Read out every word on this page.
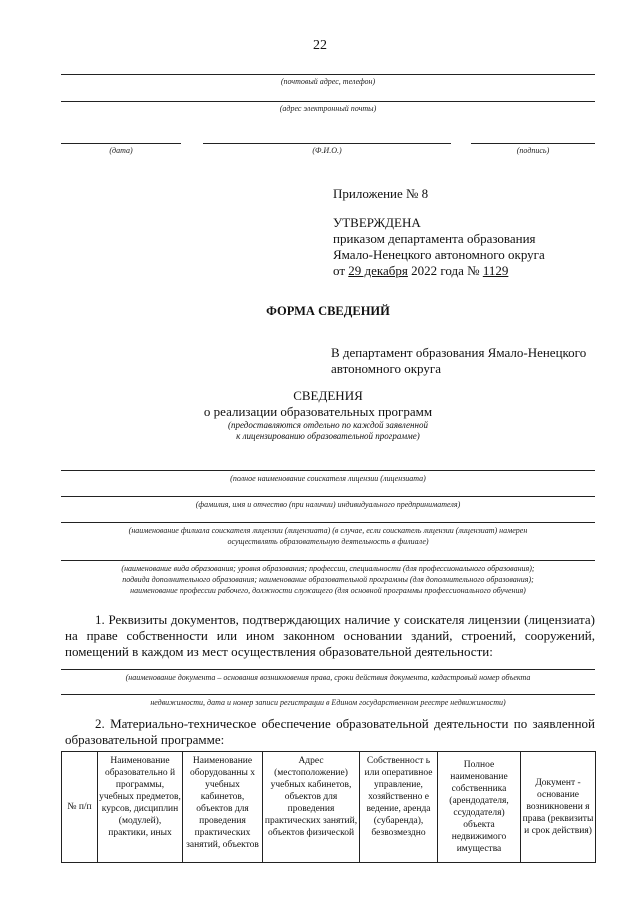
22
(почтовый адрес, телефон)
(адрес электронный почты)
(дата)	(Ф.И.О.)	(подпись)
Приложение № 8
УТВЕРЖДЕНА
приказом департамента образования
Ямало-Ненецкого автономного округа
от 29 декабря 2022 года № 1129
ФОРМА СВЕДЕНИЙ
В департамент образования Ямало-Ненецкого
автономного округа
СВЕДЕНИЯ
о реализации образовательных программ
(предоставляются отдельно по каждой заявленной
к лицензированию образовательной программе)
(полное наименование соискателя лицензии (лицензиата)
(фамилия, имя и отчество (при наличии) индивидуального предпринимателя)
(наименование филиала соискателя лицензии (лицензиата) (в случае, если соискатель лицензии (лицензиат) намерен
осуществлять образовательную деятельность в филиале)
(наименование вида образования; уровня образования; профессии, специальности (для профессионального образования);
подвида дополнительного образования; наименование образовательной программы (для дополнительного образования);
наименование профессии рабочего, должности служащего (для основной программы профессионального обучения)
1. Реквизиты документов, подтверждающих наличие у соискателя лицензии (лицензиата) на праве собственности или ином законном основании зданий, строений, сооружений, помещений в каждом из мест осуществления образовательной деятельности:
(наименование документа – основания возникновения права, сроки действия документа, кадастровый номер объекта
недвижимости, дата и номер записи регистрации в Едином государственном реестре недвижимости)
2. Материально-техническое обеспечение образовательной деятельности по заявленной образовательной программе:
№ п/п	Наименование образовательно й программы, учебных предметов, курсов, дисциплин (модулей), практики, иных	Наименование оборудованны х учебных кабинетов, объектов для проведения практических занятий, объектов	Адрес (местоположение) учебных кабинетов, объектов для проведения практических занятий, объектов физической	Собственност ь или оперативное управление, хозяйственно е ведение, аренда (субаренда), безвозмездно	Полное наименование собственника (арендодателя, ссудодателя) объекта недвижимого имущества	Документ - основание возникновени я права (реквизиты и срок действия)
